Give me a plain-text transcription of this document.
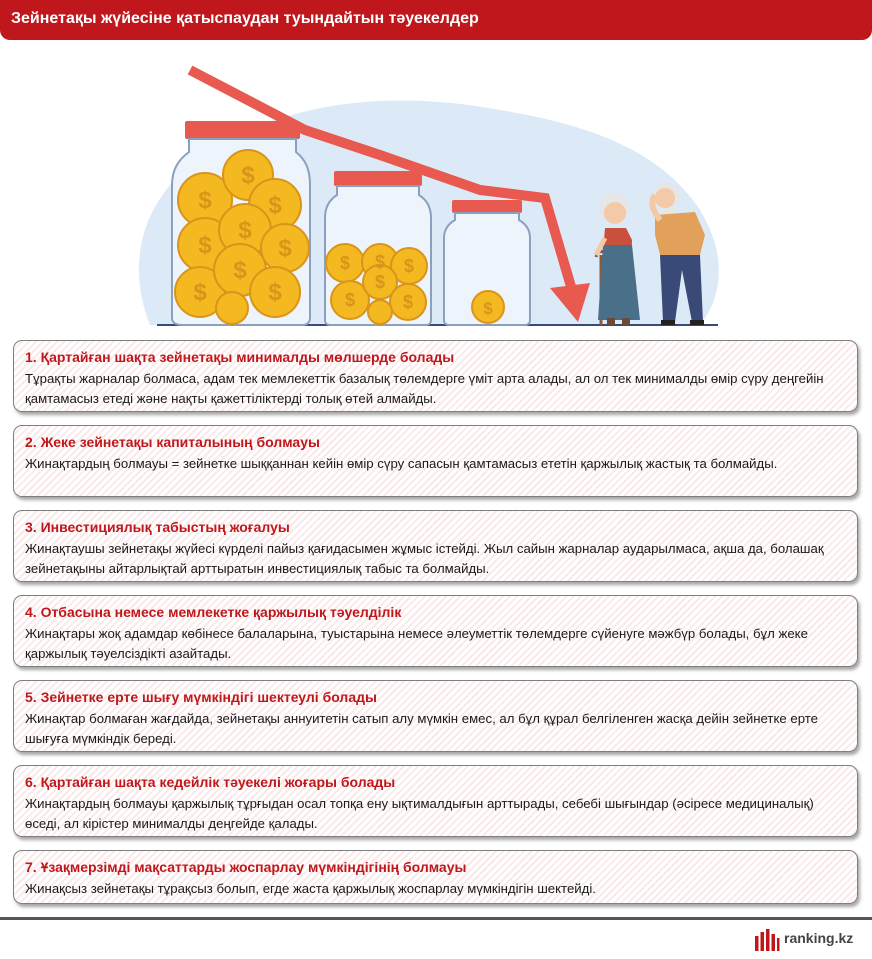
Зейнетақы жүйесіне қатыспаудан туындайтын тәуекелдер
$
$
$
$
$
$
$
$
$
$ $ $
$
$
$	$
1. Қартайған шақта зейнетақы минималды мөлшерде болады
Тұрақты жарналар болмаса, адам тек мемлекеттік базалық төлемдерге үміт арта алады, ал ол тек минималды өмір сүру деңгейін қамтамасыз етеді және нақты қажеттіліктерді толық өтей алмайды.
2. Жеке зейнетақы капиталының болмауы
Жинақтардың болмауы = зейнетке шыққаннан кейін өмір сүру сапасын қамтамасыз ететін қаржылық жастық та болмайды.
3. Инвестициялық табыстың жоғалуы
Жинақтаушы зейнетақы жүйесі күрделі пайыз қағидасымен жұмыс істейді. Жыл сайын жарналар аударылмаса, ақша да, болашақ зейнетақыны айтарлықтай арттыратын инвестициялық табыс та болмайды.
4. Отбасына немесе мемлекетке қаржылық тәуелділік
Жинақтары жоқ адамдар көбінесе балаларына, туыстарына немесе әлеуметтік төлемдерге сүйенуге мәжбүр болады, бұл жеке қаржылық тәуелсіздікті азайтады.
5. Зейнетке ерте шығу мүмкіндігі шектеулі болады
Жинақтар болмаған жағдайда, зейнетақы аннуитетін сатып алу мүмкін емес, ал бұл құрал белгіленген жасқа дейін зейнетке ерте шығуға мүмкіндік береді.
6. Қартайған шақта кедейлік тәуекелі жоғары болады
Жинақтардың болмауы қаржылық тұрғыдан осал топқа ену ықтималдығын арттырады, себебі шығындар (әсіресе медициналық) өседі, ал кірістер минималды деңгейде қалады.
7. Ұзақмерзімді мақсаттарды жоспарлау мүмкіндігінің болмауы
Жинақсыз зейнетақы тұрақсыз болып, егде жаста қаржылық жоспарлау мүмкіндігін шектейді.
ranking.kz
